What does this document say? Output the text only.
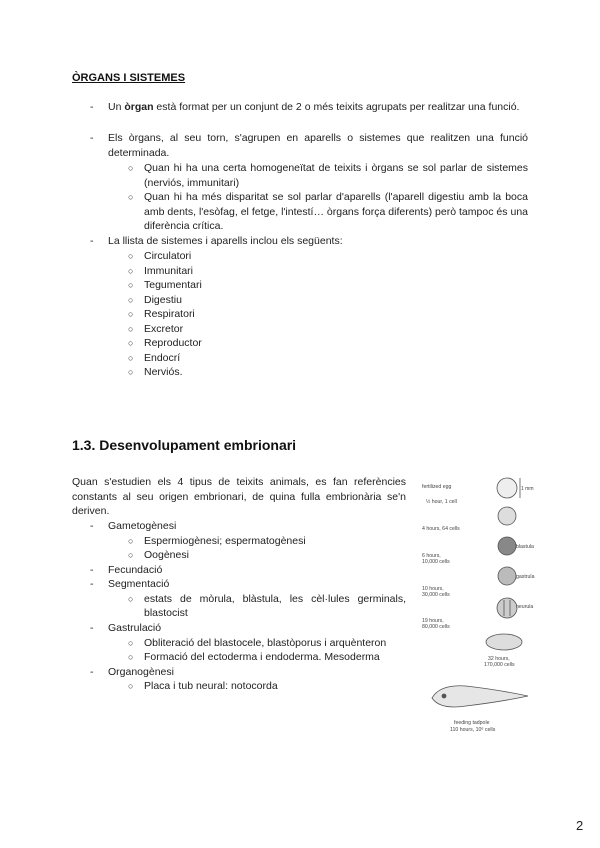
ÒRGANS I SISTEMES
- Un òrgan està format per un conjunt de 2 o més teixits agrupats per realitzar una funció.
- Els òrgans, al seu torn, s'agrupen en aparells o sistemes que realitzen una funció determinada.
○ Quan hi ha una certa homogeneïtat de teixits i òrgans se sol parlar de sistemes (nerviós, immunitari)
○ Quan hi ha més disparitat se sol parlar d'aparells (l'aparell digestiu amb la boca amb dents, l'esòfag, el fetge, l'intestí… òrgans força diferents) però tampoc és una diferència crítica.
- La llista de sistemes i aparells inclou els següents:
○ Circulatori
○ Immunitari
○ Tegumentari
○ Digestiu
○ Respiratori
○ Excretor
○ Reproductor
○ Endocrí
○ Nerviós.
1.3. Desenvolupament embrionari
Quan s'estudien els 4 tipus de teixits animals, es fan referències constants al seu origen embrionari, de quina fulla embrionària se'n deriven.
- Gametogènesi
○ Espermiogènesi; espermatogènesi
○ Oogènesi
- Fecundació
- Segmentació
○ estats de mòrula, blàstula, les cèl·lules germinals, blastocist
- Gastrulació
○ Obliteració del blastocele, blastòporus i arquènteron
○ Formació del ectoderma i endoderma. Mesoderma
- Organogènesi
○ Placa i tub neural: notocorda
fertilized egg	1 mm
½ hour, 1 cell
4 hours, 64 cells
blastula
6 hours,
10,000 cells
gastrula
10 hours,
30,000 cells
neurula
19 hours,
80,000 cells
32 hours,
170,000 cells
feeding tadpole
110 hours, 10⁶ cells
2
